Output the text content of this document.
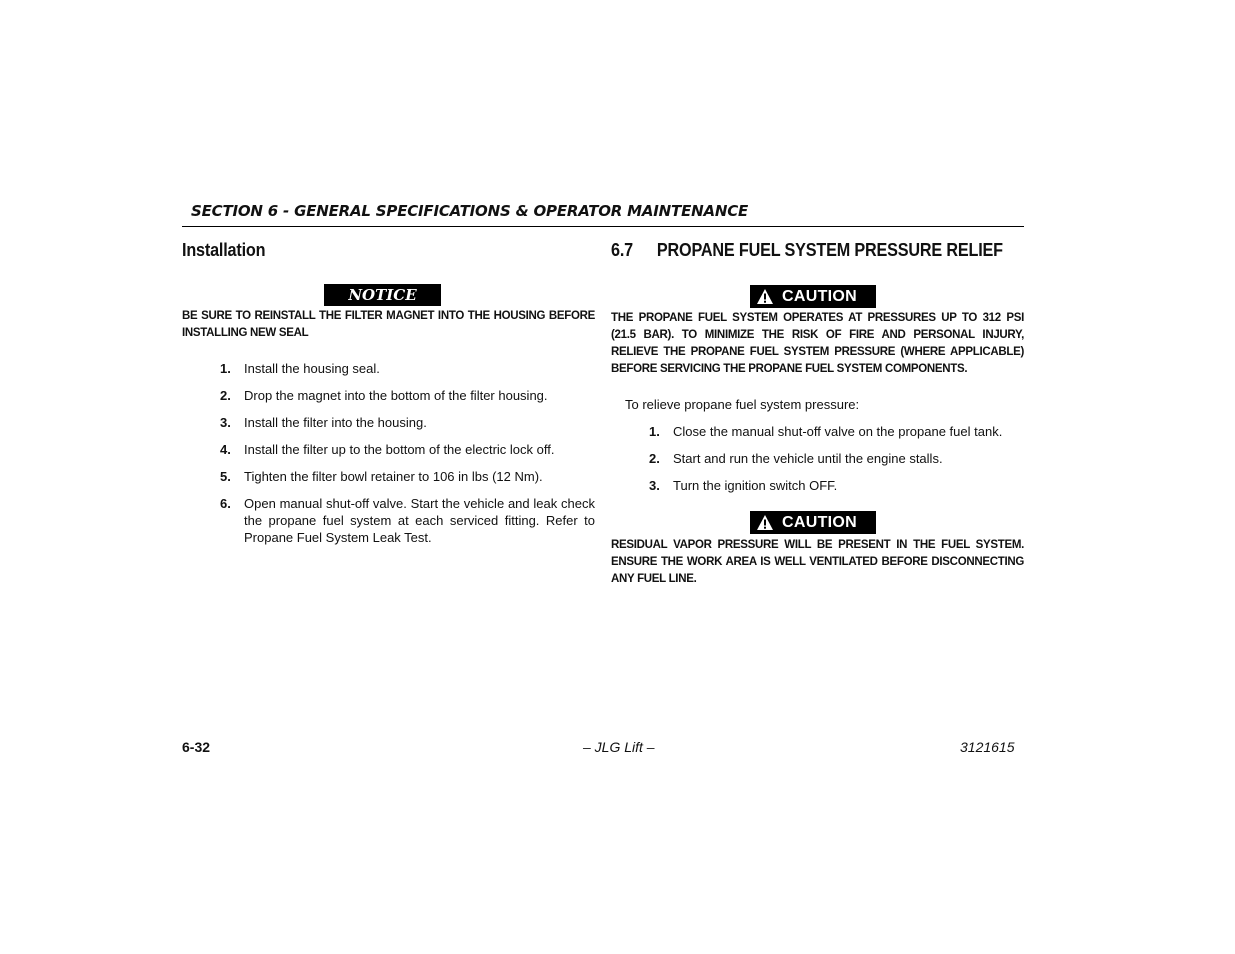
SECTION 6 - GENERAL SPECIFICATIONS & OPERATOR MAINTENANCE
Installation
NOTICE
BE SURE TO REINSTALL THE FILTER MAGNET INTO THE HOUSING BEFORE INSTALLING NEW SEAL
1. Install the housing seal.
2. Drop the magnet into the bottom of the filter housing.
3. Install the filter into the housing.
4. Install the filter up to the bottom of the electric lock off.
5. Tighten the filter bowl retainer to 106 in lbs (12 Nm).
6. Open manual shut-off valve. Start the vehicle and leak check the propane fuel system at each serviced fitting. Refer to Propane Fuel System Leak Test.
6.7 PROPANE FUEL SYSTEM PRESSURE RELIEF
CAUTION
THE PROPANE FUEL SYSTEM OPERATES AT PRESSURES UP TO 312 PSI (21.5 BAR). TO MINIMIZE THE RISK OF FIRE AND PERSONAL INJURY, RELIEVE THE PROPANE FUEL SYSTEM PRESSURE (WHERE APPLICABLE) BEFORE SERVICING THE PROPANE FUEL SYSTEM COMPONENTS.
To relieve propane fuel system pressure:
1. Close the manual shut-off valve on the propane fuel tank.
2. Start and run the vehicle until the engine stalls.
3. Turn the ignition switch OFF.
CAUTION
RESIDUAL VAPOR PRESSURE WILL BE PRESENT IN THE FUEL SYSTEM. ENSURE THE WORK AREA IS WELL VENTILATED BEFORE DISCONNECTING ANY FUEL LINE.
6-32	– JLG Lift –	3121615
